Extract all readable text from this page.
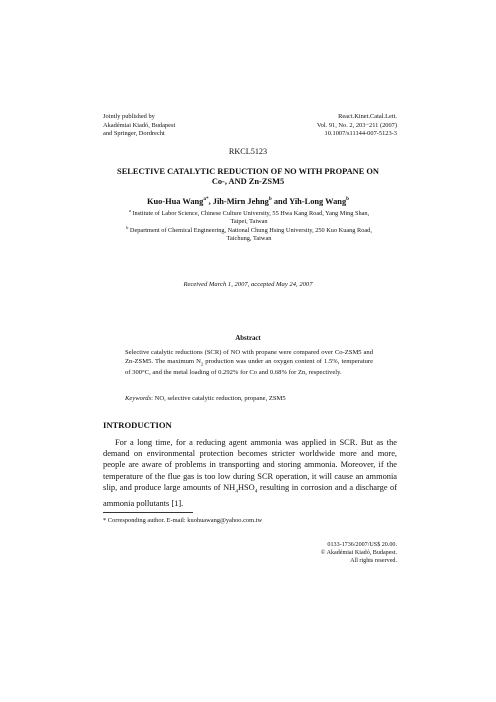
Jointly published by
Akadémiai Kiadó, Budapest
and Springer, Dordrecht
React.Kinet.Catal.Lett.
Vol. 91, No. 2, 203−211 (2007)
10.1007/s11144-007-5123-3
RKCL5123
SELECTIVE CATALYTIC REDUCTION OF NO WITH PROPANE ON
Co-, AND Zn-ZSM5
Kuo-Hua Wang$^{a*}$, Jih-Mirn Jehng$^b$ and Yih-Long Wang$^b$
$^a$ Institute of Labor Science, Chinese Culture University, 55 Hwa Kang Road, Yang Ming Shan, Taipei, Taiwan
$^b$ Department of Chemical Engineering, National Chung Hsing University, 250 Kuo Kuang Road, Taichung, Taiwan
Received March 1, 2007, accepted May 24, 2007
Abstract
Selective catalytic reductions (SCR) of NO with propane were compared over Co-ZSM5 and Zn-ZSM5. The maximum $N_2$ production was under an oxygen content of 1.5%, temperature of 300°C, and the metal loading of 0.292% for Co and 0.68% for Zn, respectively.
Keywords: NO, selective catalytic reduction, propane, ZSM5
INTRODUCTION

For a long time, for a reducing agent ammonia was applied in SCR. But as the demand on environmental protection becomes stricter worldwide more and more, people are aware of problems in transporting and storing ammonia. Moreover, if the temperature of the flue gas is too low during SCR operation, it will cause an ammonia slip, and produce large amounts of $NH_4HSO_4$ resulting in corrosion and a discharge of ammonia pollutants [1].

* Corresponding author. E-mail: kuohuawang@yahoo.com.tw
0133-1736/2007/US$ 20.00.
© Akadémiai Kiadó, Budapest.
All rights reserved.
